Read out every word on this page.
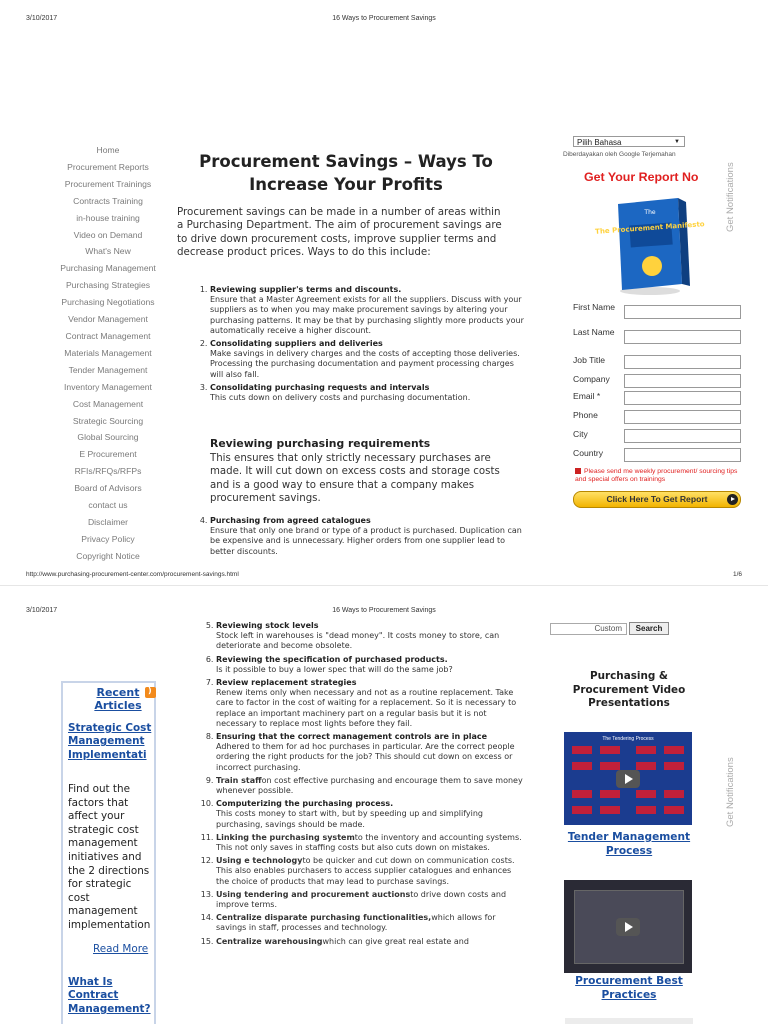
3/10/2017	16 Ways to Procurement Savings
Home
Procurement Reports
Procurement Trainings
Contracts Training
in-house training
Video on Demand
What's New
Purchasing Management
Purchasing Strategies
Purchasing Negotiations
Vendor Management
Contract Management
Materials Management
Tender Management
Inventory Management
Cost Management
Strategic Sourcing
Global Sourcing
E Procurement
RFIs/RFQs/RFPs
Board of Advisors
contact us
Disclaimer
Privacy Policy
Copyright Notice
Procurement Savings – Ways To Increase Your Profits

Procurement savings can be made in a number of areas within a Purchasing Department. The aim of procurement savings are to drive down procurement costs, improve supplier terms and decrease product prices. Ways to do this include:

1. Reviewing supplier's terms and discounts.
Ensure that a Master Agreement exists for all the suppliers. Discuss with your suppliers as to when you may make procurement savings by altering your purchasing patterns. It may be that by purchasing slightly more products your automatically receive a higher discount.
2. Consolidating suppliers and deliveries
Make savings in delivery charges and the costs of accepting those deliveries. Processing the purchasing documentation and payment processing charges will also fall.
3. Consolidating purchasing requests and intervals
This cuts down on delivery costs and purchasing documentation.
Reviewing purchasing requirements

This ensures that only strictly necessary purchases are made. It will cut down on excess costs and storage costs and is a good way to ensure that a company makes procurement savings.

4. Purchasing from agreed catalogues
Ensure that only one brand or type of a product is purchased. Duplication can be expensive and is unnecessary. Higher orders from one supplier lead to better discounts.
Pilih Bahasa	▼
Diberdayakan oleh Google Terjemahan
Get Your Report No	Get Notifications
The
The Procurement Manifesto
First Name
Last Name
Job Title
Company
Email *
Phone
City
Country
Please send me weekly procurement/ sourcing tips and special offers on trainings
Click Here To Get Report
http://www.purchasing-procurement-center.com/procurement-savings.html	1/6
3/10/2017	16 Ways to Procurement Savings
5. Reviewing stock levels
Stock left in warehouses is "dead money". It costs money to store, can deteriorate and become obsolete.
6. Reviewing the specification of purchased products.
Is it possible to buy a lower spec that will do the same job?
7. Review replacement strategies
Renew items only when necessary and not as a routine replacement. Take care to factor in the cost of waiting for a replacement. So it is necessary to replace an important machinery part on a regular basis but it is not necessary to replace most lights before they fail.
8. Ensuring that the correct management controls are in place
Adhered to them for ad hoc purchases in particular. Are the correct people ordering the right products for the job? This should cut down on excess or incorrect purchasing.
9. Train staffon cost effective purchasing and encourage them to save money whenever possible.
10. Computerizing the purchasing process.
This costs money to start with, but by speeding up and simplifying purchasing, savings should be made.
11. Linking the purchasing systemto the inventory and accounting systems. This not only saves in staffing costs but also cuts down on mistakes.
12. Using e technologyto be quicker and cut down on communication costs. This also enables purchasers to access supplier catalogues and enhances the choice of products that may lead to purchase savings.
13. Using tendering and procurement auctionsto drive down costs and improve terms.
14. Centralize disparate purchasing functionalities,which allows for savings in staff, processes and technology.
15. Centralize warehousingwhich can give great real estate and
Recent Articles
)
Strategic Cost Management Implementati
Find out the factors that affect your strategic cost management initiatives and the 2 directions for strategic cost management implementation
What Is Contract Management?
Read More
Custom	Search
Purchasing & Procurement Video Presentations
The Tendering Process
Tender Management Process
Procurement Best Practices
Get Notifications
